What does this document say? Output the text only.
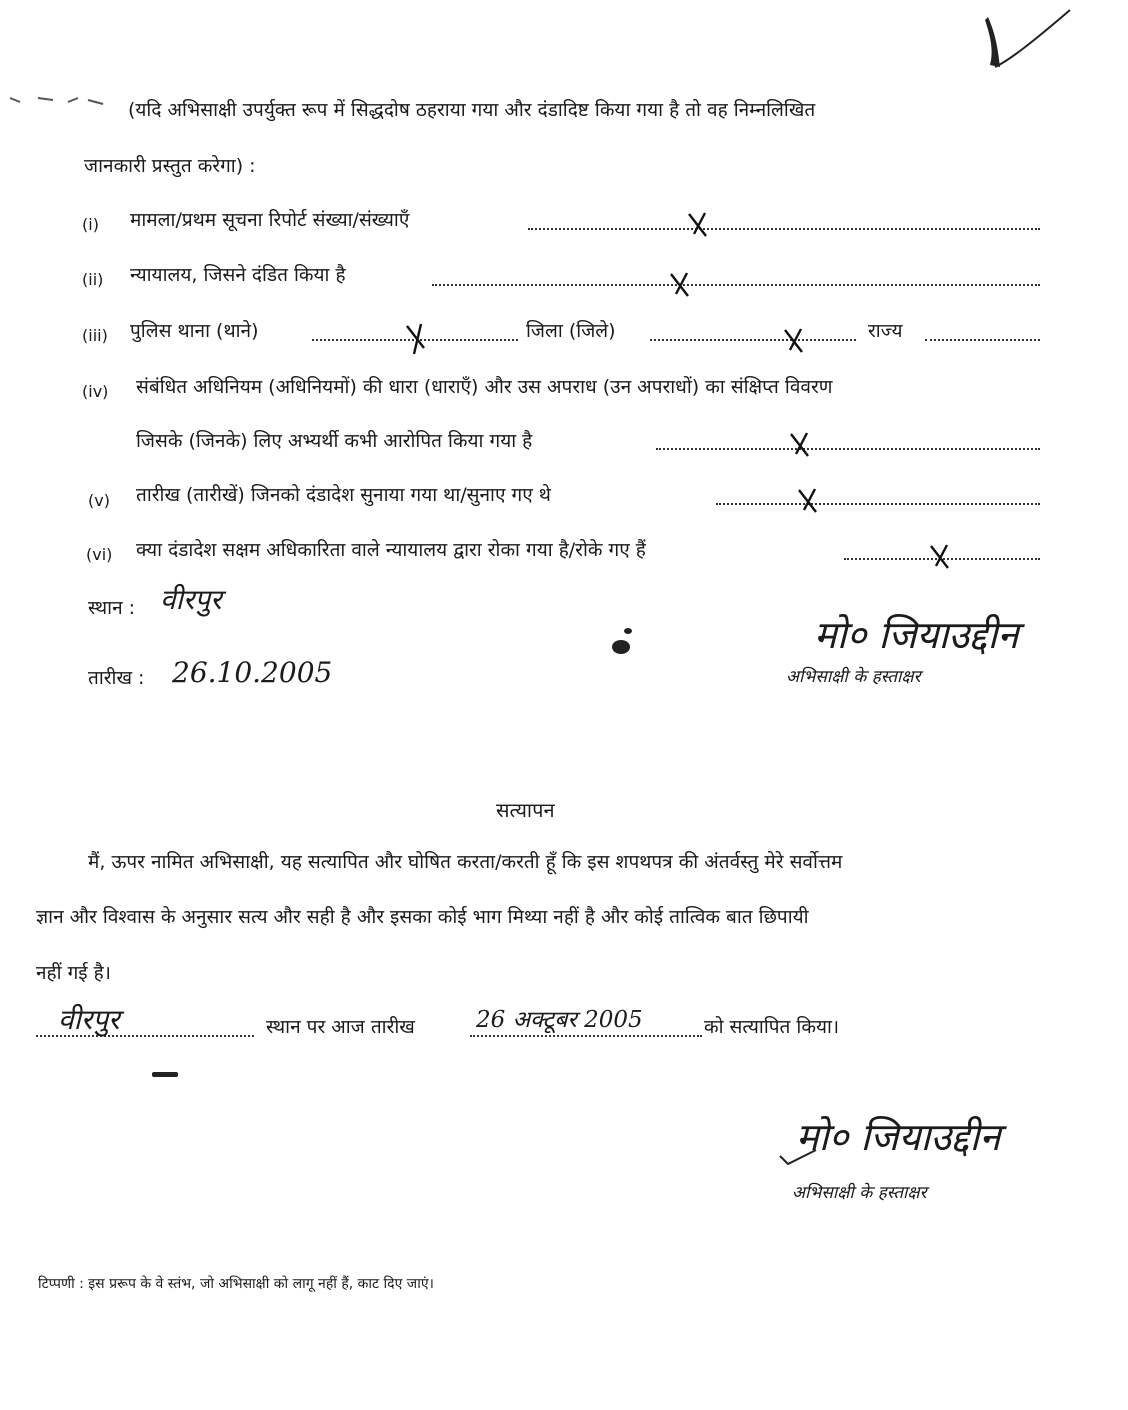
(यदि अभिसाक्षी उपर्युक्त रूप में सिद्धदोष ठहराया गया और दंडादिष्ट किया गया है तो वह निम्नलिखित
जानकारी प्रस्तुत करेगा) :
(i) मामला/प्रथम सूचना रिपोर्ट संख्या/संख्याएँ
(ii) न्यायालय, जिसने दंडित किया है
(iii) पुलिस थाना (थाने)	जिला (जिले)	राज्य
(iv) संबंधित अधिनियम (अधिनियमों) की धारा (धाराएँ) और उस अपराध (उन अपराधों) का संक्षिप्त विवरण
जिसके (जिनके) लिए अभ्यर्थी कभी आरोपित किया गया है
(v) तारीख (तारीखें) जिनको दंडादेश सुनाया गया था/सुनाए गए थे
(vi) क्या दंडादेश सक्षम अधिकारिता वाले न्यायालय द्वारा रोका गया है/रोके गए हैं
स्थान : वीरपुर
तारीख : 26.10.2005
मो० जियाउद्दीन
अभिसाक्षी के हस्ताक्षर
सत्यापन
मैं, ऊपर नामित अभिसाक्षी, यह सत्यापित और घोषित करता/करती हूँ कि इस शपथपत्र की अंतर्वस्तु मेरे सर्वोत्तम
ज्ञान और विश्वास के अनुसार सत्य और सही है और इसका कोई भाग मिथ्या नहीं है और कोई तात्विक बात छिपायी
नहीं गई है।
वीरपुर	स्थान पर आज तारीख	26 अक्टूबर 2005	को सत्यापित किया।
मो० जियाउद्दीन
अभिसाक्षी के हस्ताक्षर
टिप्पणी : इस प्ररूप के वे स्तंभ, जो अभिसाक्षी को लागू नहीं हैं, काट दिए जाएं।
